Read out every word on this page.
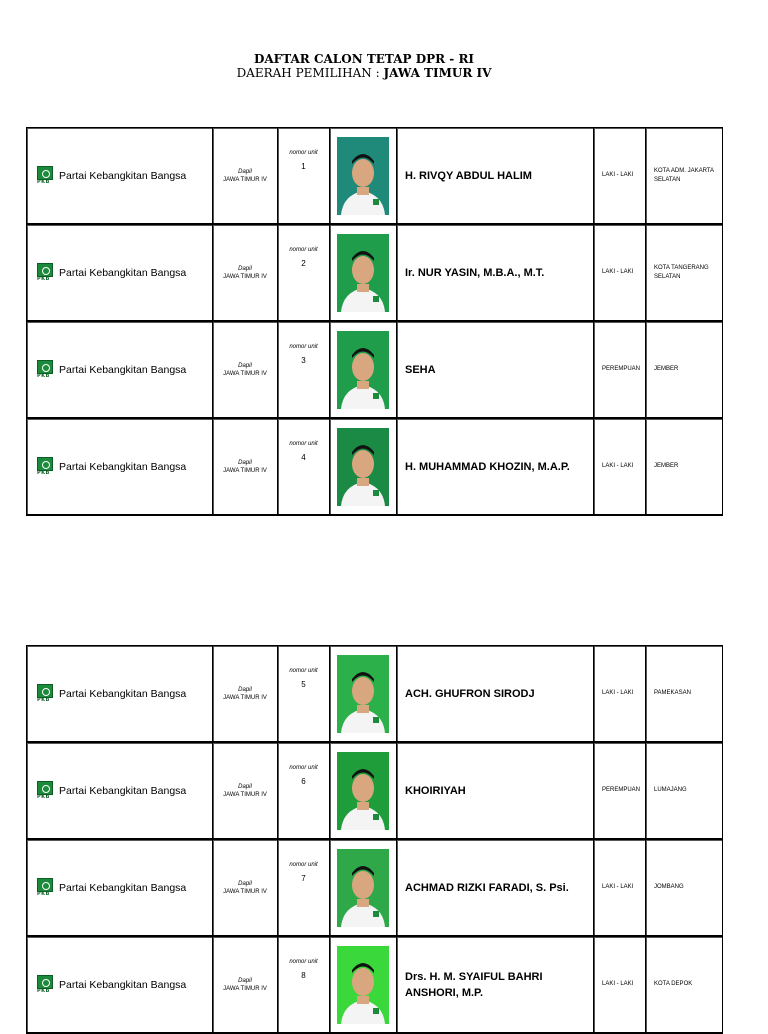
DAFTAR CALON TETAP DPR - RI
DAERAH PEMILIHAN : JAWA TIMUR IV
PKB Partai Kebangkitan Bangsa	Dapil
JAWA TIMUR IV	nomor unit
1		H. RIVQY ABDUL HALIM	LAKI - LAKI	KOTA ADM. JAKARTA SELATAN

PKB Partai Kebangkitan Bangsa	Dapil
JAWA TIMUR IV	nomor unit
2		Ir. NUR YASIN, M.B.A., M.T.	LAKI - LAKI	KOTA TANGERANG SELATAN

PKB Partai Kebangkitan Bangsa	Dapil
JAWA TIMUR IV	nomor unit
3		SEHA	PEREMPUAN	JEMBER

PKB Partai Kebangkitan Bangsa	Dapil
JAWA TIMUR IV	nomor unit
4		H. MUHAMMAD KHOZIN, M.A.P.	LAKI - LAKI	JEMBER
PKB Partai Kebangkitan Bangsa	Dapil
JAWA TIMUR IV	nomor unit
5		ACH. GHUFRON SIRODJ	LAKI - LAKI	PAMEKASAN

PKB Partai Kebangkitan Bangsa	Dapil
JAWA TIMUR IV	nomor unit
6		KHOIRIYAH	PEREMPUAN	LUMAJANG

PKB Partai Kebangkitan Bangsa	Dapil
JAWA TIMUR IV	nomor unit
7		ACHMAD RIZKI FARADI, S. Psi.	LAKI - LAKI	JOMBANG

PKB Partai Kebangkitan Bangsa	Dapil
JAWA TIMUR IV	nomor unit
8		Drs. H. M. SYAIFUL BAHRI ANSHORI, M.P.	LAKI - LAKI	KOTA DEPOK
